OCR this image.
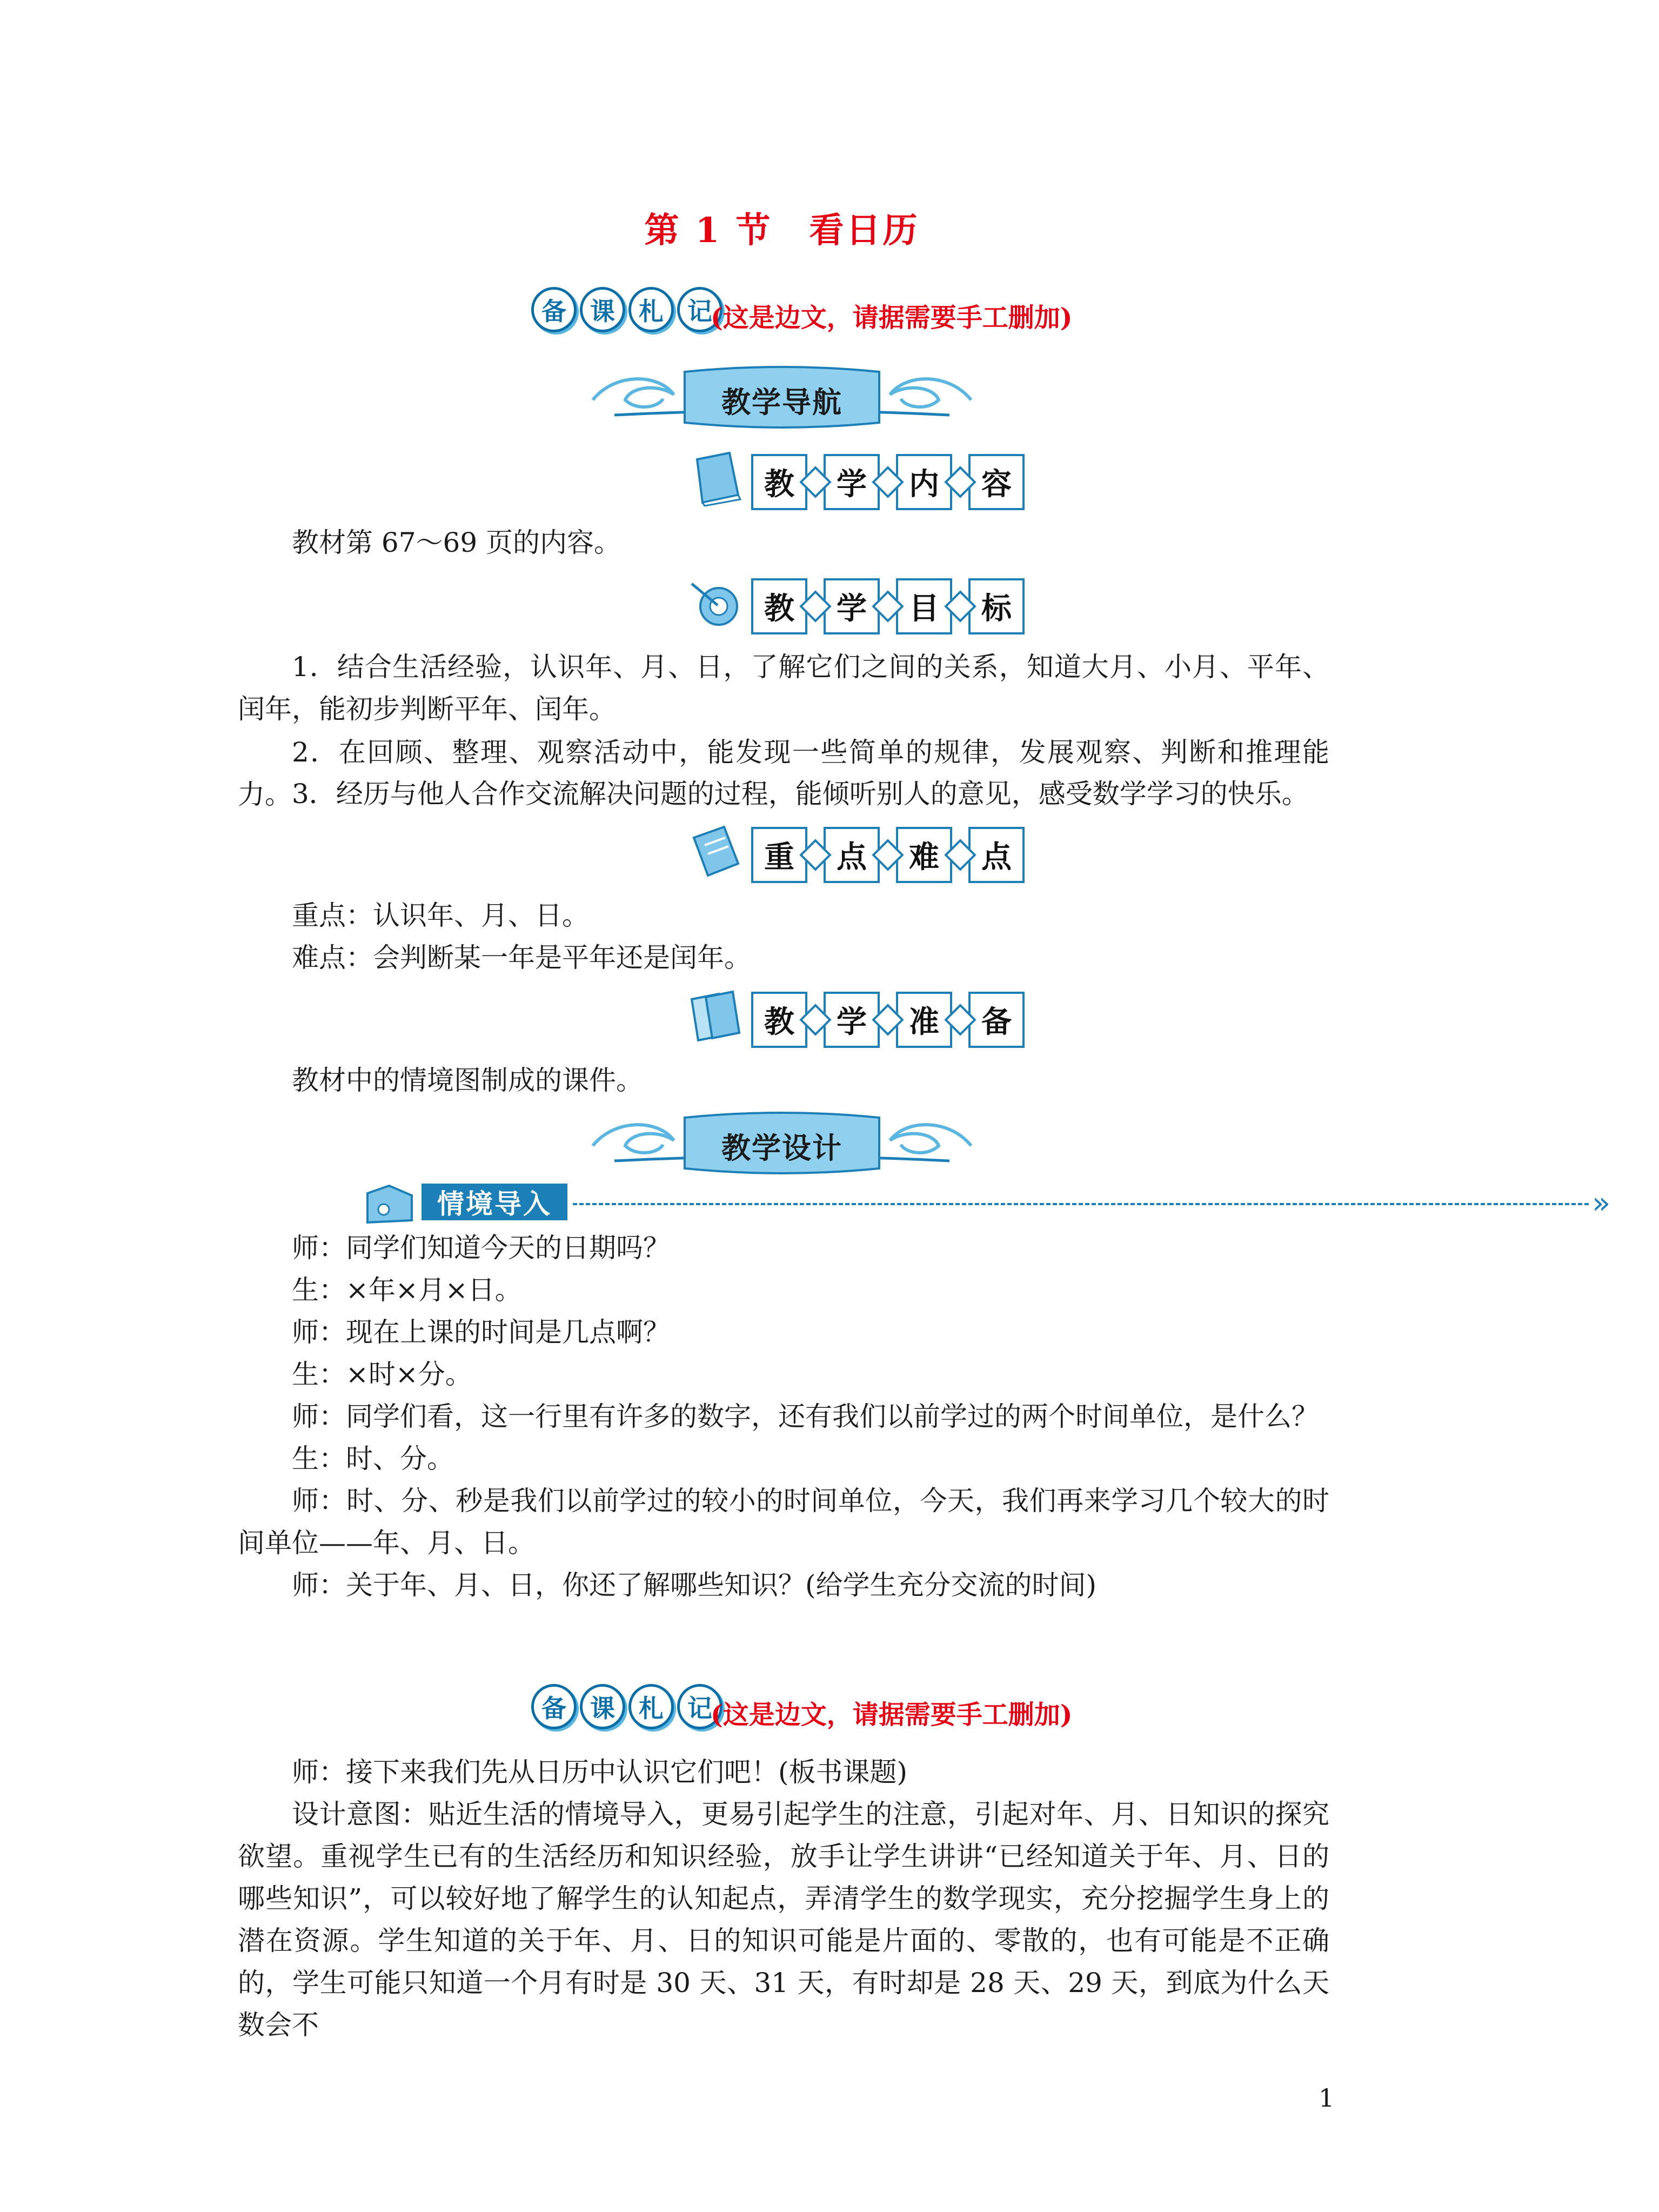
第 1 节　看日历
备 课 札 记
(这是边文，请据需要手工删加)
教学导航
教	学	内	容
教材第 67～69 页的内容。
教	学	目	标
1．结合生活经验，认识年、月、日，了解它们之间的关系，知道大月、小月、平年、闰年，能初步判断平年、闰年。
2．在回顾、整理、观察活动中，能发现一些简单的规律，发展观察、判断和推理能力。 3．经历与他人合作交流解决问题的过程，能倾听别人的意见，感受数学学习的快乐。
重	点	难	点
重点：认识年、月、日。
难点：会判断某一年是平年还是闰年。
教	学	准	备
教材中的情境图制成的课件。
教学设计
情境导入	»
师：同学们知道今天的日期吗？
生：×年×月×日。
师：现在上课的时间是几点啊？
生：×时×分。
师：同学们看，这一行里有许多的数字，还有我们以前学过的两个时间单位，是什么？
生：时、分。
师：时、分、秒是我们以前学过的较小的时间单位，今天，我们再来学习几个较大的时间单位——年、月、日。
师：关于年、月、日，你还了解哪些知识？(给学生充分交流的时间)
备 课 札 记
(这是边文，请据需要手工删加)
师：接下来我们先从日历中认识它们吧！(板书课题)
设计意图：贴近生活的情境导入，更易引起学生的注意，引起对年、月、日知识的探究欲望。重视学生已有的生活经历和知识经验，放手让学生讲讲“已经知道关于年、月、日的哪些知识”，可以较好地了解学生的认知起点，弄清学生的数学现实，充分挖掘学生身上的潜在资源。学生知道的关于年、月、日的知识可能是片面的、零散的，也有可能是不正确的，学生可能只知道一个月有时是 30 天、31 天，有时却是 28 天、29 天，到底为什么天数会不
1
